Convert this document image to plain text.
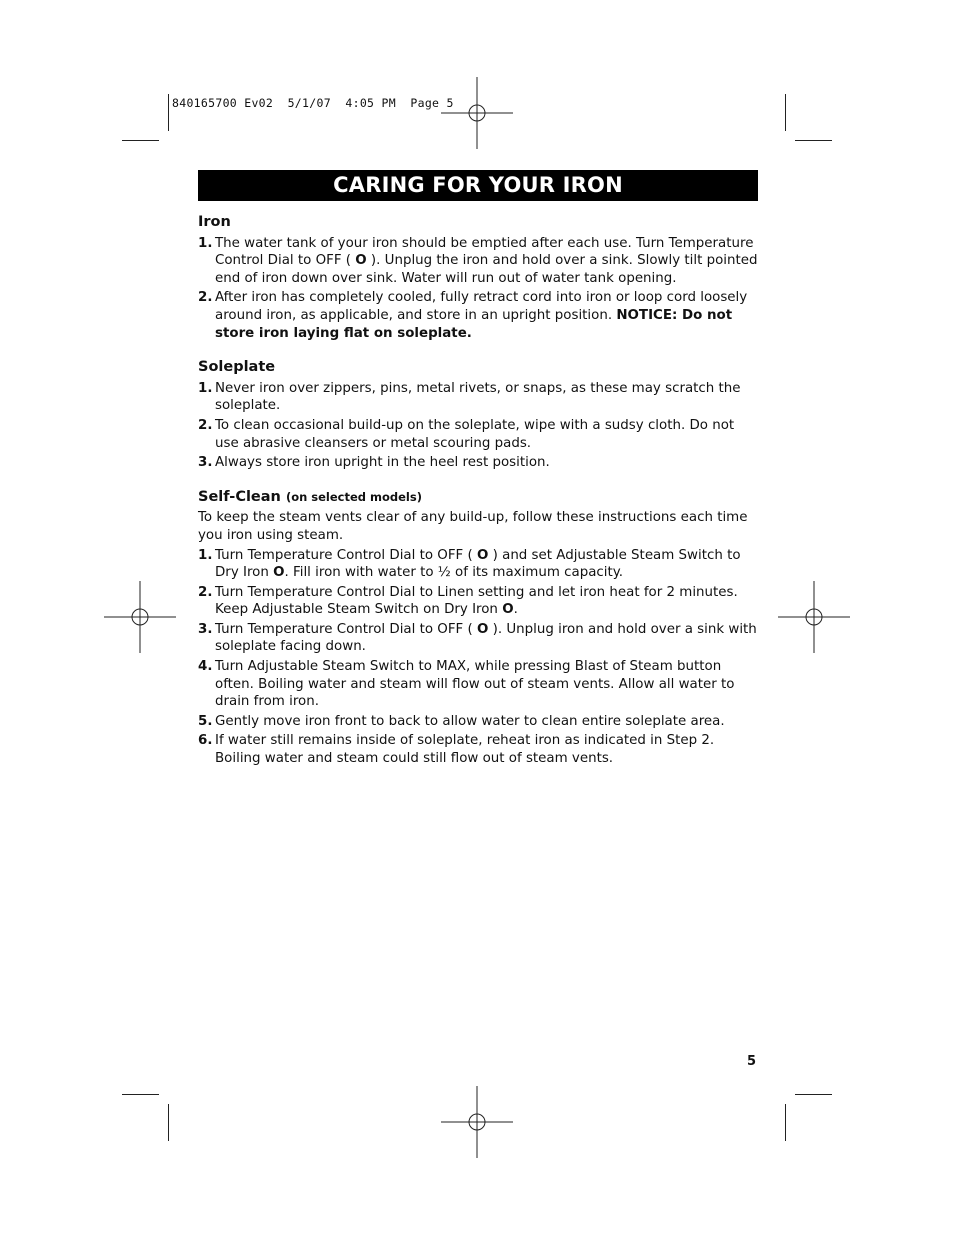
840165700 Ev02  5/1/07  4:05 PM  Page 5
CARING FOR YOUR IRON
Iron
1. The water tank of your iron should be emptied after each use. Turn Temperature Control Dial to OFF ( O ). Unplug the iron and hold over a sink. Slowly tilt pointed end of iron down over sink. Water will run out of water tank opening.
2. After iron has completely cooled, fully retract cord into iron or loop cord loosely around iron, as applicable, and store in an upright position. NOTICE: Do not store iron laying flat on soleplate.
Soleplate
1. Never iron over zippers, pins, metal rivets, or snaps, as these may scratch the soleplate.
2. To clean occasional build-up on the soleplate, wipe with a sudsy cloth. Do not use abrasive cleansers or metal scouring pads.
3. Always store iron upright in the heel rest position.
Self-Clean (on selected models)

To keep the steam vents clear of any build-up, follow these instructions each time you iron using steam.

1. Turn Temperature Control Dial to OFF ( O ) and set Adjustable Steam Switch to Dry Iron O. Fill iron with water to ½ of its maximum capacity.
2. Turn Temperature Control Dial to Linen setting and let iron heat for 2 minutes. Keep Adjustable Steam Switch on Dry Iron O.
3. Turn Temperature Control Dial to OFF ( O ). Unplug iron and hold over a sink with soleplate facing down.
4. Turn Adjustable Steam Switch to MAX, while pressing Blast of Steam button often. Boiling water and steam will flow out of steam vents. Allow all water to drain from iron.
5. Gently move iron front to back to allow water to clean entire soleplate area.
6. If water still remains inside of soleplate, reheat iron as indicated in Step 2. Boiling water and steam could still flow out of steam vents.
5
